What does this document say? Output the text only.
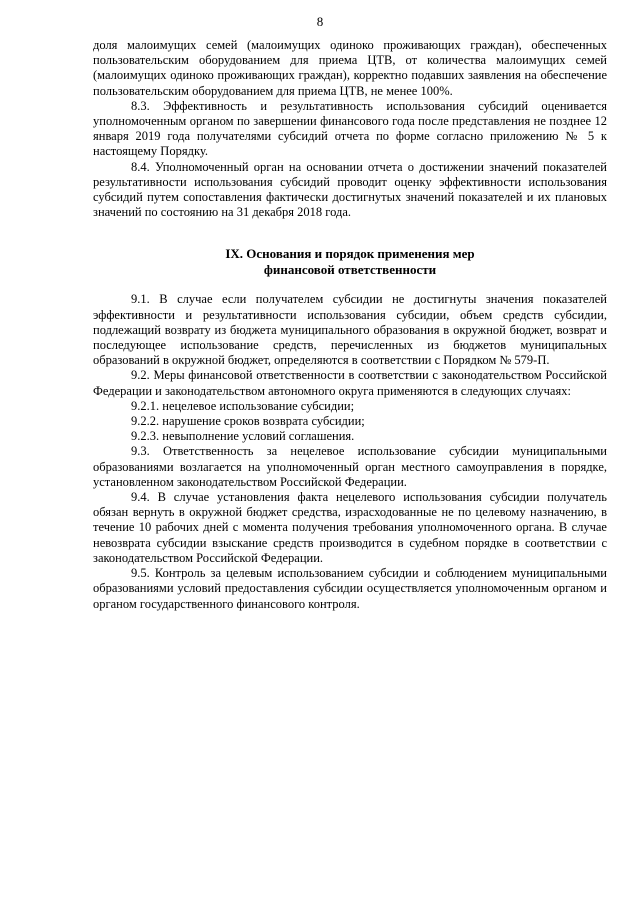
8

доля малоимущих семей (малоимущих одиноко проживающих граждан), обеспеченных пользовательским оборудованием для приема ЦТВ, от количества малоимущих семей (малоимущих одиноко проживающих граждан), корректно подавших заявления на обеспечение пользовательским оборудованием для приема ЦТВ, не менее 100%.

8.3. Эффективность и результативность использования субсидий оценивается уполномоченным органом по завершении финансового года после представления не позднее 12 января 2019 года получателями субсидий отчета по форме согласно приложению № 5 к настоящему Порядку.

8.4. Уполномоченный орган на основании отчета о достижении значений показателей результативности использования субсидий проводит оценку эффективности использования субсидий путем сопоставления фактически достигнутых значений показателей и их плановых значений по состоянию на 31 декабря 2018 года.

IX. Основания и порядок применения мер
финансовой ответственности

9.1. В случае если получателем субсидии не достигнуты значения показателей эффективности и результативности использования субсидии, объем средств субсидии, подлежащий возврату из бюджета муниципального образования в окружной бюджет, возврат и последующее использование средств, перечисленных из бюджетов муниципальных образований в окружной бюджет, определяются в соответствии с Порядком № 579-П.

9.2. Меры финансовой ответственности в соответствии с законодательством Российской Федерации и законодательством автономного округа применяются в следующих случаях:

9.2.1. нецелевое использование субсидии;

9.2.2. нарушение сроков возврата субсидии;

9.2.3. невыполнение условий соглашения.

9.3. Ответственность за нецелевое использование субсидии муниципальными образованиями возлагается на уполномоченный орган местного самоуправления в порядке, установленном законодательством Российской Федерации.

9.4. В случае установления факта нецелевого использования субсидии получатель обязан вернуть в окружной бюджет средства, израсходованные не по целевому назначению, в течение 10 рабочих дней с момента получения требования уполномоченного органа. В случае невозврата субсидии взыскание средств производится в судебном порядке в соответствии с законодательством Российской Федерации.

9.5. Контроль за целевым использованием субсидии и соблюдением муниципальными образованиями условий предоставления субсидии осуществляется уполномоченным органом и органом государственного финансового контроля.
